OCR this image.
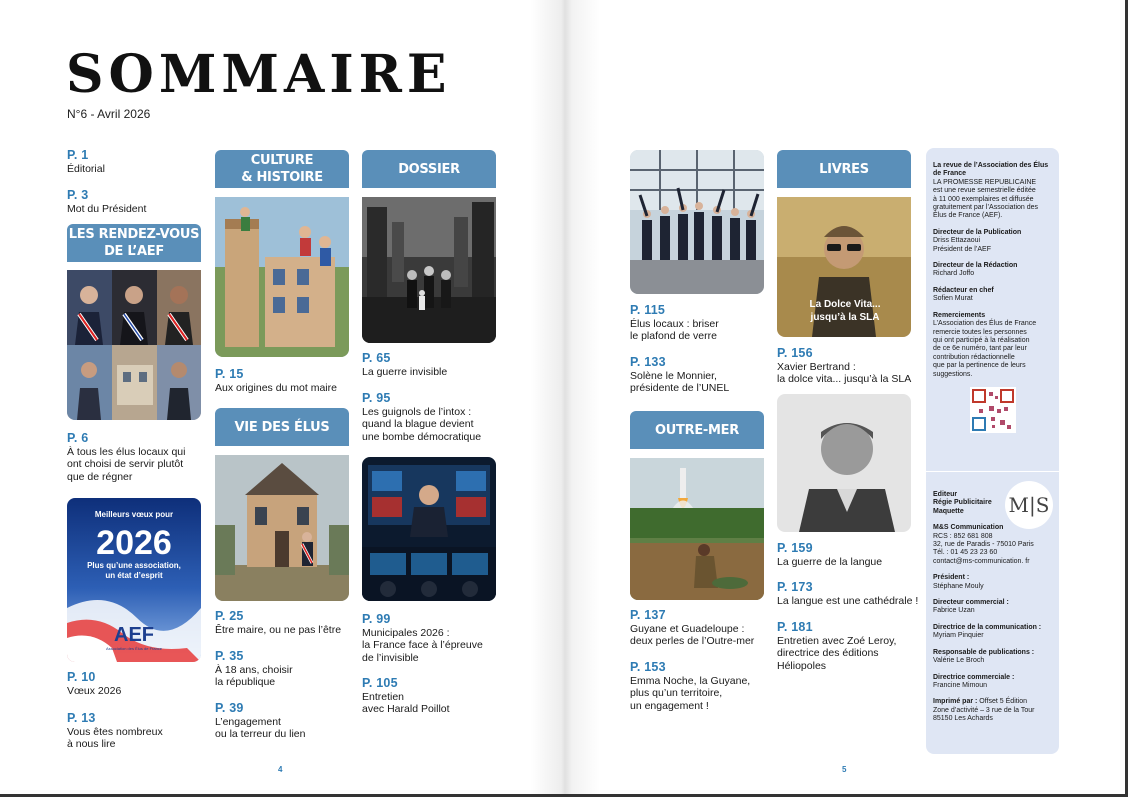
SOMMAIRE
N°6 - Avril 2026
P. 1
Éditorial
P. 3
Mot du Président
LES RENDEZ-VOUS
DE L’AEF
P. 6
À tous les élus locaux qui
ont choisi de servir plutôt
que de régner
Meilleurs vœux pour
2026
Plus qu’une association,
un état d’esprit
AEF
Association des Élus de France
P. 10
Vœux 2026
P. 13
Vous êtes nombreux
à nous lire
CULTURE
& HISTOIRE
P. 15
Aux origines du mot maire
VIE DES ÉLUS
P. 25
Être maire, ou ne pas l’être
P. 35
À 18 ans, choisir
la république
P. 39
L’engagement
ou la terreur du lien
DOSSIER
P. 65
La guerre invisible
P. 95
Les guignols de l’intox :
quand la blague devient
une bombe démocratique
P. 99
Municipales 2026 :
la France face à l’épreuve
de l’invisible
P. 105
Entretien
avec Harald Poillot
4
P. 115
Élus locaux : briser
le plafond de verre
P. 133
Solène le Monnier,
présidente de l’UNEL
OUTRE-MER
P. 137
Guyane et Guadeloupe :
deux perles de l’Outre-mer
P. 153
Emma Noche, la Guyane,
plus qu’un territoire,
un engagement !
LIVRES
La Dolce Vita...
jusqu’à la SLA
P. 156
Xavier Bertrand :
la dolce vita... jusqu’à la SLA
P. 159
La guerre de la langue
P. 173
La langue est une cathédrale !
P. 181
Entretien avec Zoé Leroy,
directrice des éditions
Héliopoles
5
La revue de l’Association des Élus de France
LA PROMESSE REPUBLICAINE
est une revue semestrielle éditée
à 11 000 exemplaires et diffusée
gratuitement par l’Association des
Élus de France (AEF).
Directeur de la Publication
Driss Ettazaoui
Président de l’AEF
Directeur de la Rédaction
Richard Joffo
Rédacteur en chef
Sofien Murat
Remerciements
L’Association des Élus de France
remercie toutes les personnes
qui ont participé à la réalisation
de ce 6e numéro, tant par leur
contribution rédactionnelle
que par la pertinence de leurs
suggestions.
M|S
Editeur
Régie Publicitaire
Maquette
M&S Communication
RCS : 852 681 808
32, rue de Paradis - 75010 Paris
Tél. : 01 45 23 23 60
contact@ms-communication. fr
Président :
Stéphane Mouly
Directeur commercial :
Fabrice Uzan
Directrice de la communication :
Myriam Pinquier
Responsable de publications :
Valérie Le Broch
Directrice commerciale :
Francine Mimoun
Imprimé par : Offset 5 Édition
Zone d’activité – 3 rue de la Tour
85150 Les Achards
